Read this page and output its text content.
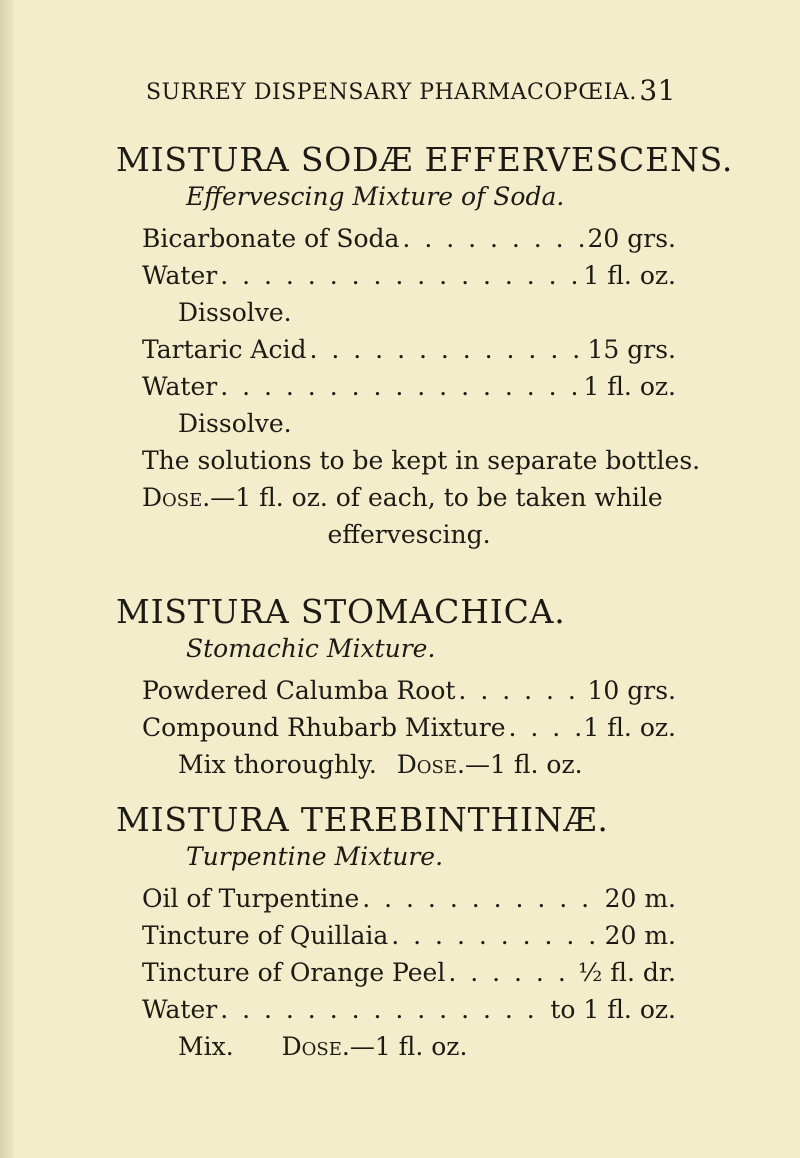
SURREY DISPENSARY PHARMACOPŒIA. 31
MISTURA SODÆ EFFERVESCENS.
Effervescing Mixture of Soda.
Bicarbonate of Soda . . .	20 grs.
Water . . .	1 fl. oz.
Dissolve.
Tartaric Acid . . .	15 grs.
Water . . .	1 fl. oz.
Dissolve.
The solutions to be kept in separate bottles.
Dose.—1 fl. oz. of each, to be taken while
effervescing.
MISTURA STOMACHICA.
Stomachic Mixture.
Powdered Calumba Root . . .	10 grs.
Compound Rhubarb Mixture . . .	1 fl. oz.
Mix thoroughly. Dose.—1 fl. oz.
MISTURA TEREBINTHINÆ.
Turpentine Mixture.
Oil of Turpentine . . .	20 m.
Tincture of Quillaia . . .	20 m.
Tincture of Orange Peel . . .	½ fl. dr.
Water . . .	to 1 fl. oz.
Mix. Dose.—1 fl. oz.
